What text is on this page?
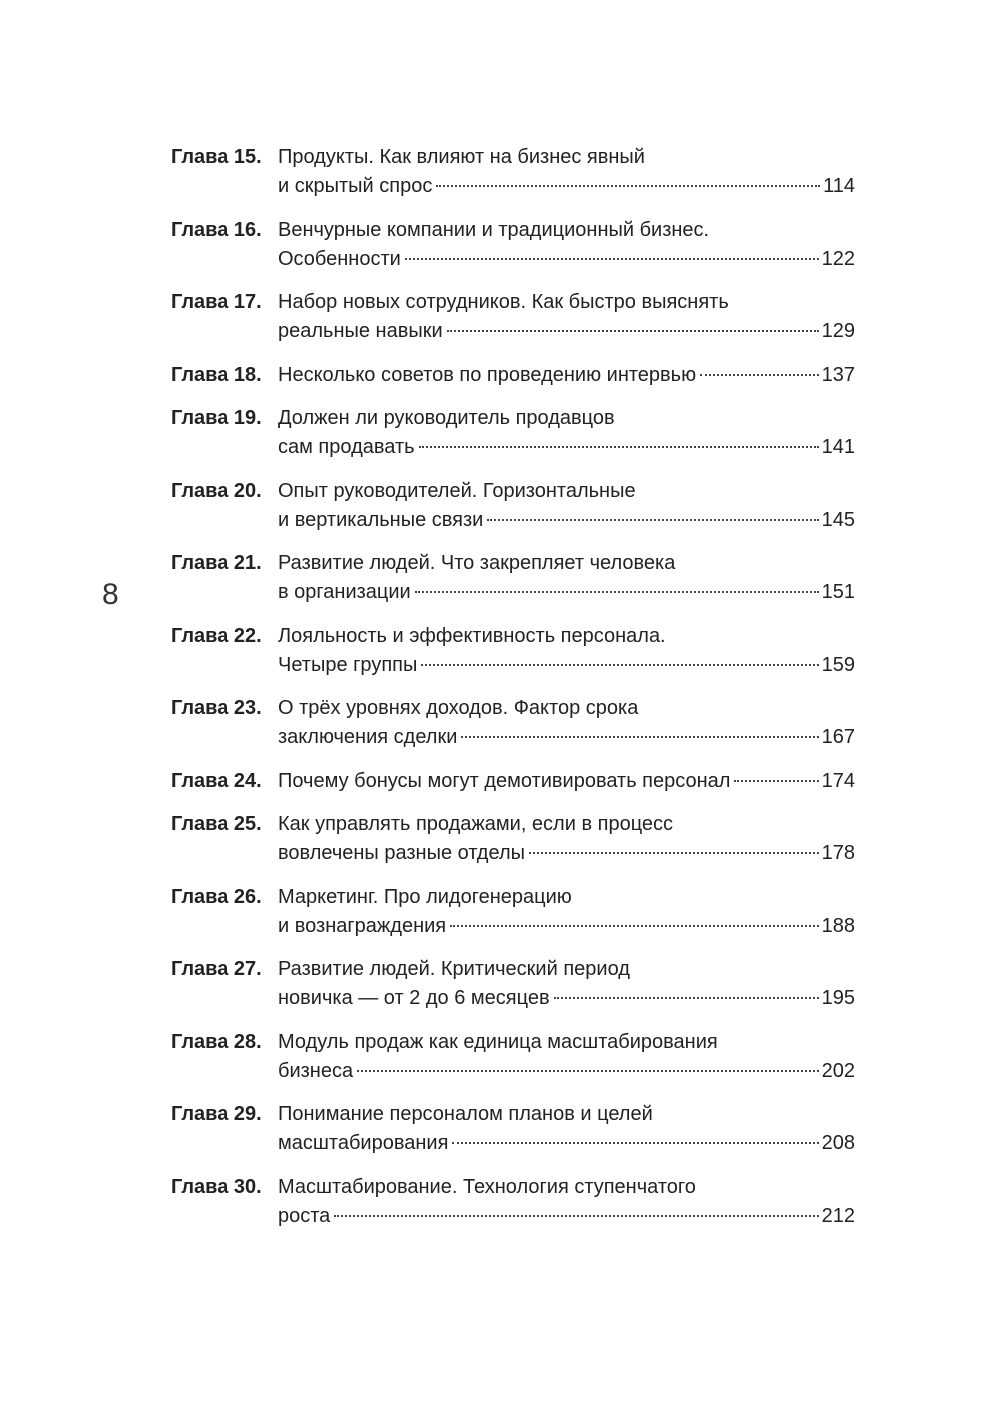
8
Глава 15. Продукты. Как влияют на бизнес явный
и скрытый спрос	114
Глава 16. Венчурные компании и традиционный бизнес.
Особенности	122
Глава 17. Набор новых сотрудников. Как быстро выяснять
реальные навыки	129
Глава 18. Несколько советов по проведению интервью	137
Глава 19. Должен ли руководитель продавцов
сам продавать	141
Глава 20. Опыт руководителей. Горизонтальные
и вертикальные связи	145
Глава 21. Развитие людей. Что закрепляет человека
в организации	151
Глава 22. Лояльность и эффективность персонала.
Четыре группы	159
Глава 23. О трёх уровнях доходов. Фактор срока
заключения сделки	167
Глава 24. Почему бонусы могут демотивировать персонал	174
Глава 25. Как управлять продажами, если в процесс
вовлечены разные отделы	178
Глава 26. Маркетинг. Про лидогенерацию
и вознаграждения	188
Глава 27. Развитие людей. Критический период
новичка — от 2 до 6 месяцев	195
Глава 28. Модуль продаж как единица масштабирования
бизнеса	202
Глава 29. Понимание персоналом планов и целей
масштабирования	208
Глава 30. Масштабирование. Технология ступенчатого
роста	212
